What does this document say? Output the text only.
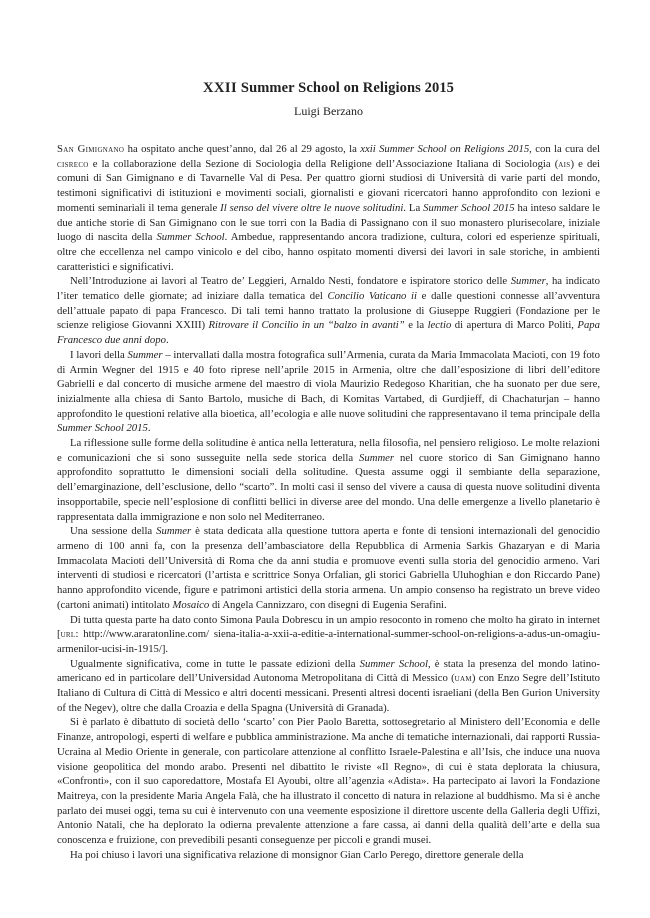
XXII Summer School on Religions 2015
Luigi Berzano

San Gimignano ha ospitato anche quest’anno, dal 26 al 29 agosto, la xxii Summer School on Religions 2015, con la cura del cisreco e la collaborazione della Sezione di Sociologia della Religione dell’Associazione Italiana di Sociologia (ais) e dei comuni di San Gimignano e di Tavarnelle Val di Pesa. Per quattro giorni studiosi di Università di varie parti del mondo, testimoni significativi di istituzioni e movimenti sociali, giornalisti e giovani ricercatori hanno approfondito con lezioni e momenti seminariali il tema generale Il senso del vivere oltre le nuove solitudini. La Summer School 2015 ha inteso saldare le due antiche storie di San Gimignano con le sue torri con la Badia di Passignano con il suo monastero plurisecolare, iniziale luogo di nascita della Summer School. Ambedue, rappresentando ancora tradizione, cultura, colori ed esperienze spirituali, oltre che eccellenza nel campo vinicolo e del cibo, hanno ospitato momenti diversi dei lavori in sale storiche, in ambienti caratteristici e significativi.

Nell’Introduzione ai lavori al Teatro de’ Leggieri, Arnaldo Nesti, fondatore e ispiratore storico delle Summer, ha indicato l’iter tematico delle giornate; ad iniziare dalla tematica del Concilio Vaticano ii e dalle questioni connesse all’avventura dell’attuale papato di papa Francesco. Di tali temi hanno trattato la prolusione di Giuseppe Ruggieri (Fondazione per le scienze religiose Giovanni XXIII) Ritrovare il Concilio in un “balzo in avanti” e la lectio di apertura di Marco Politi, Papa Francesco due anni dopo.

I lavori della Summer – intervallati dalla mostra fotografica sull’Armenia, curata da Maria Immacolata Macioti, con 19 foto di Armin Wegner del 1915 e 40 foto riprese nell’aprile 2015 in Armenia, oltre che dall’esposizione di libri dell’editore Gabrielli e dal concerto di musiche armene del maestro di viola Maurizio Redegoso Kharitian, che ha suonato per due sere, inizialmente alla chiesa di Santo Bartolo, musiche di Bach, di Komitas Vartabed, di Gurdjieff, di Chachaturjan – hanno approfondito le questioni relative alla bioetica, all’ecologia e alle nuove solitudini che rappresentavano il tema principale della Summer School 2015.

La riflessione sulle forme della solitudine è antica nella letteratura, nella filosofia, nel pensiero religioso. Le molte relazioni e comunicazioni che si sono susseguite nella sede storica della Summer nel cuore storico di San Gimignano hanno approfondito soprattutto le dimensioni sociali della solitudine. Questa assume oggi il sembiante della separazione, dell’emarginazione, dell’esclusione, dello “scarto”. In molti casi il senso del vivere a causa di questa nuove solitudini diventa insopportabile, specie nell’esplosione di conflitti bellici in diverse aree del mondo. Una delle emergenze a livello planetario è rappresentata dalla immigrazione e non solo nel Mediterraneo.

Una sessione della Summer è stata dedicata alla questione tuttora aperta e fonte di tensioni internazionali del genocidio armeno di 100 anni fa, con la presenza dell’ambasciatore della Repubblica di Armenia Sarkis Ghazaryan e di Maria Immacolata Macioti dell’Università di Roma che da anni studia e promuove eventi sulla storia del genocidio armeno. Vari interventi di studiosi e ricercatori (l’artista e scrittrice Sonya Orfalian, gli storici Gabriella Uluhoghian e don Riccardo Pane) hanno approfondito vicende, figure e patrimoni artistici della storia armena. Un ampio consenso ha registrato un breve video (cartoni animati) intitolato Mosaico di Angela Cannizzaro, con disegni di Eugenia Serafini.

Di tutta questa parte ha dato conto Simona Paula Dobrescu in un ampio resoconto in romeno che molto ha girato in internet [url: http://www.araratonline.com/ siena-italia-a-xxii-a-editie-a-international-summer-school-on-religions-a-adus-un-omagiu-armenilor-ucisi-in-1915/].

Ugualmente significativa, come in tutte le passate edizioni della Summer School, è stata la presenza del mondo latino-americano ed in particolare dell’Universidad Autonoma Metropolitana di Città di Messico (uam) con Enzo Segre dell’Istituto Italiano di Cultura di Città di Messico e altri docenti messicani. Presenti altresì docenti israeliani (della Ben Gurion University of the Negev), oltre che dalla Croazia e della Spagna (Università di Granada).

Si è parlato è dibattuto di società dello ‘scarto’ con Pier Paolo Baretta, sottosegretario al Ministero dell’Economia e delle Finanze, antropologi, esperti di welfare e pubblica amministrazione. Ma anche di tematiche internazionali, dai rapporti Russia-Ucraina al Medio Oriente in generale, con particolare attenzione al conflitto Israele-Palestina e all’Isis, che induce una nuova visione geopolitica del mondo arabo. Presenti nel dibattito le riviste «Il Regno», di cui è stata deplorata la chiusura, «Confronti», con il suo caporedattore, Mostafa El Ayoubi, oltre all’agenzia «Adista». Ha partecipato ai lavori la Fondazione Maitreya, con la presidente Maria Angela Falà, che ha illustrato il concetto di natura in relazione al buddhismo. Ma si è anche parlato dei musei oggi, tema su cui è intervenuto con una veemente esposizione il direttore uscente della Galleria degli Uffizi, Antonio Natali, che ha deplorato la odierna prevalente attenzione a fare cassa, ai danni della qualità dell’arte e della sua conoscenza e fruizione, con prevedibili pesanti conseguenze per piccoli e grandi musei.

Ha poi chiuso i lavori una significativa relazione di monsignor Gian Carlo Perego, direttore generale della
